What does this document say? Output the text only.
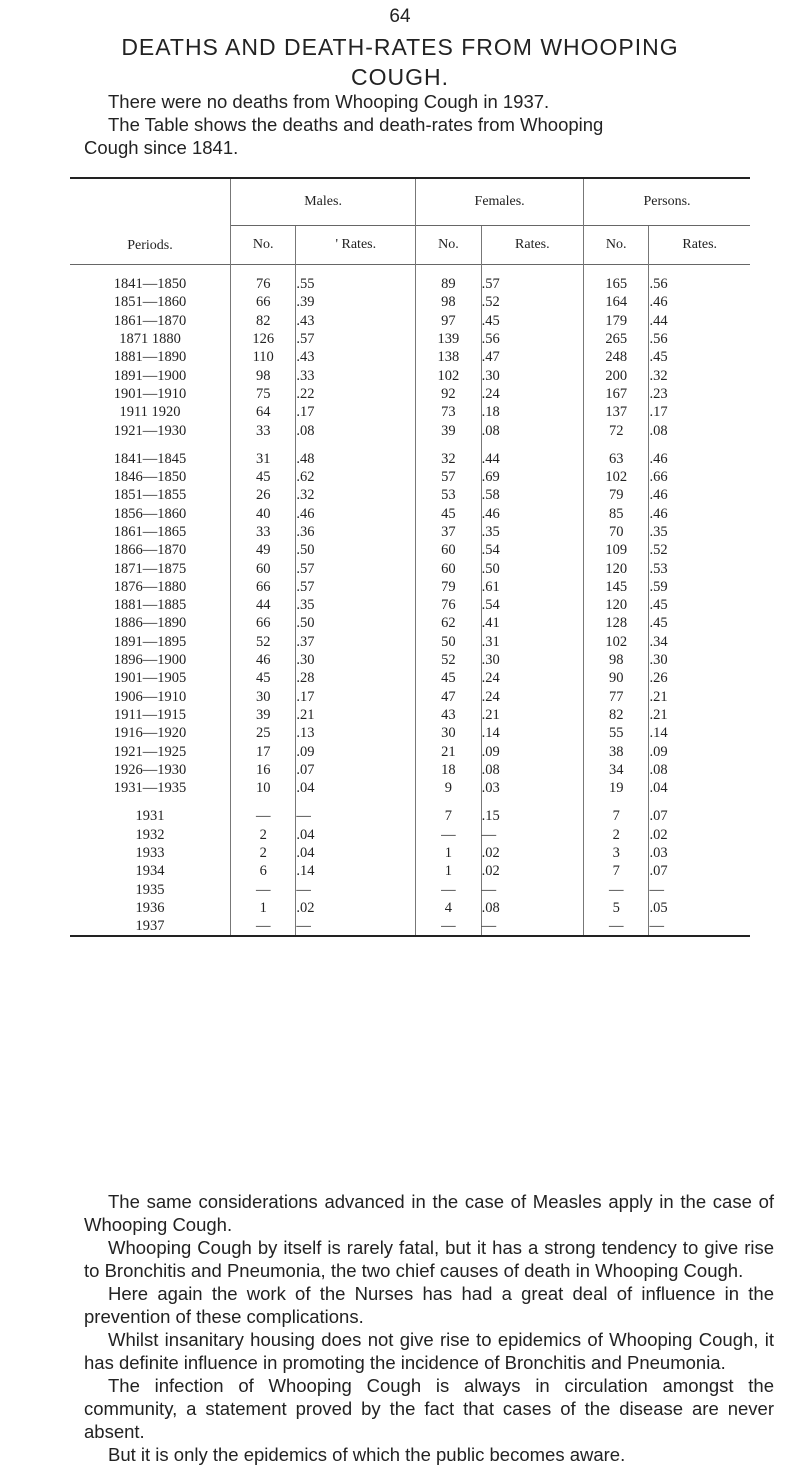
64
DEATHS AND DEATH-RATES FROM WHOOPING
COUGH.

There were no deaths from Whooping Cough in 1937.

The Table shows the deaths and death-rates from Whooping

Cough since 1841.

Periods.	Males.		Females.		Persons.	
	No.	' Rates.	No.	Rates.	No.	Rates.
1841—1850	76	.55	89	.57	165	.56
1851—1860	66	.39	98	.52	164	.46
1861—1870	82	.43	97	.45	179	.44
1871 1880	126	.57	139	.56	265	.56
1881—1890	110	.43	138	.47	248	.45
1891—1900	98	.33	102	.30	200	.32
1901—1910	75	.22	92	.24	167	.23
1911 1920	64	.17	73	.18	137	.17
1921—1930	33	.08	39	.08	72	.08
1841—1845	31	.48	32	.44	63	.46
1846—1850	45	.62	57	.69	102	.66
1851—1855	26	.32	53	.58	79	.46
1856—1860	40	.46	45	.46	85	.46
1861—1865	33	.36	37	.35	70	.35
1866—1870	49	.50	60	.54	109	.52
1871—1875	60	.57	60	.50	120	.53
1876—1880	66	.57	79	.61	145	.59
1881—1885	44	.35	76	.54	120	.45
1886—1890	66	.50	62	.41	128	.45
1891—1895	52	.37	50	.31	102	.34
1896—1900	46	.30	52	.30	98	.30
1901—1905	45	.28	45	.24	90	.26
1906—1910	30	.17	47	.24	77	.21
1911—1915	39	.21	43	.21	82	.21
1916—1920	25	.13	30	.14	55	.14
1921—1925	17	.09	21	.09	38	.09
1926—1930	16	.07	18	.08	34	.08
1931—1935	10	.04	9	.03	19	.04
1931	—	—	7	.15	7	.07
1932	2	.04	—	—	2	.02
1933	2	.04	1	.02	3	.03
1934	6	.14	1	.02	7	.07
1935	—	—	—	—	—	—
1936	1	.02	4	.08	5	.05
1937	—	—	—	—	—	—

The same considerations advanced in the case of Measles apply in the case of Whooping Cough.

Whooping Cough by itself is rarely fatal, but it has a strong tendency to give rise to Bronchitis and Pneumonia, the two chief causes of death in Whooping Cough.

Here again the work of the Nurses has had a great deal of influence in the prevention of these complications.

Whilst insanitary housing does not give rise to epidemics of Whooping Cough, it has definite influence in promoting the incidence of Bronchitis and Pneumonia.

The infection of Whooping Cough is always in circulation amongst the community, a statement proved by the fact that cases of the disease are never absent.

But it is only the epidemics of which the public becomes aware.
